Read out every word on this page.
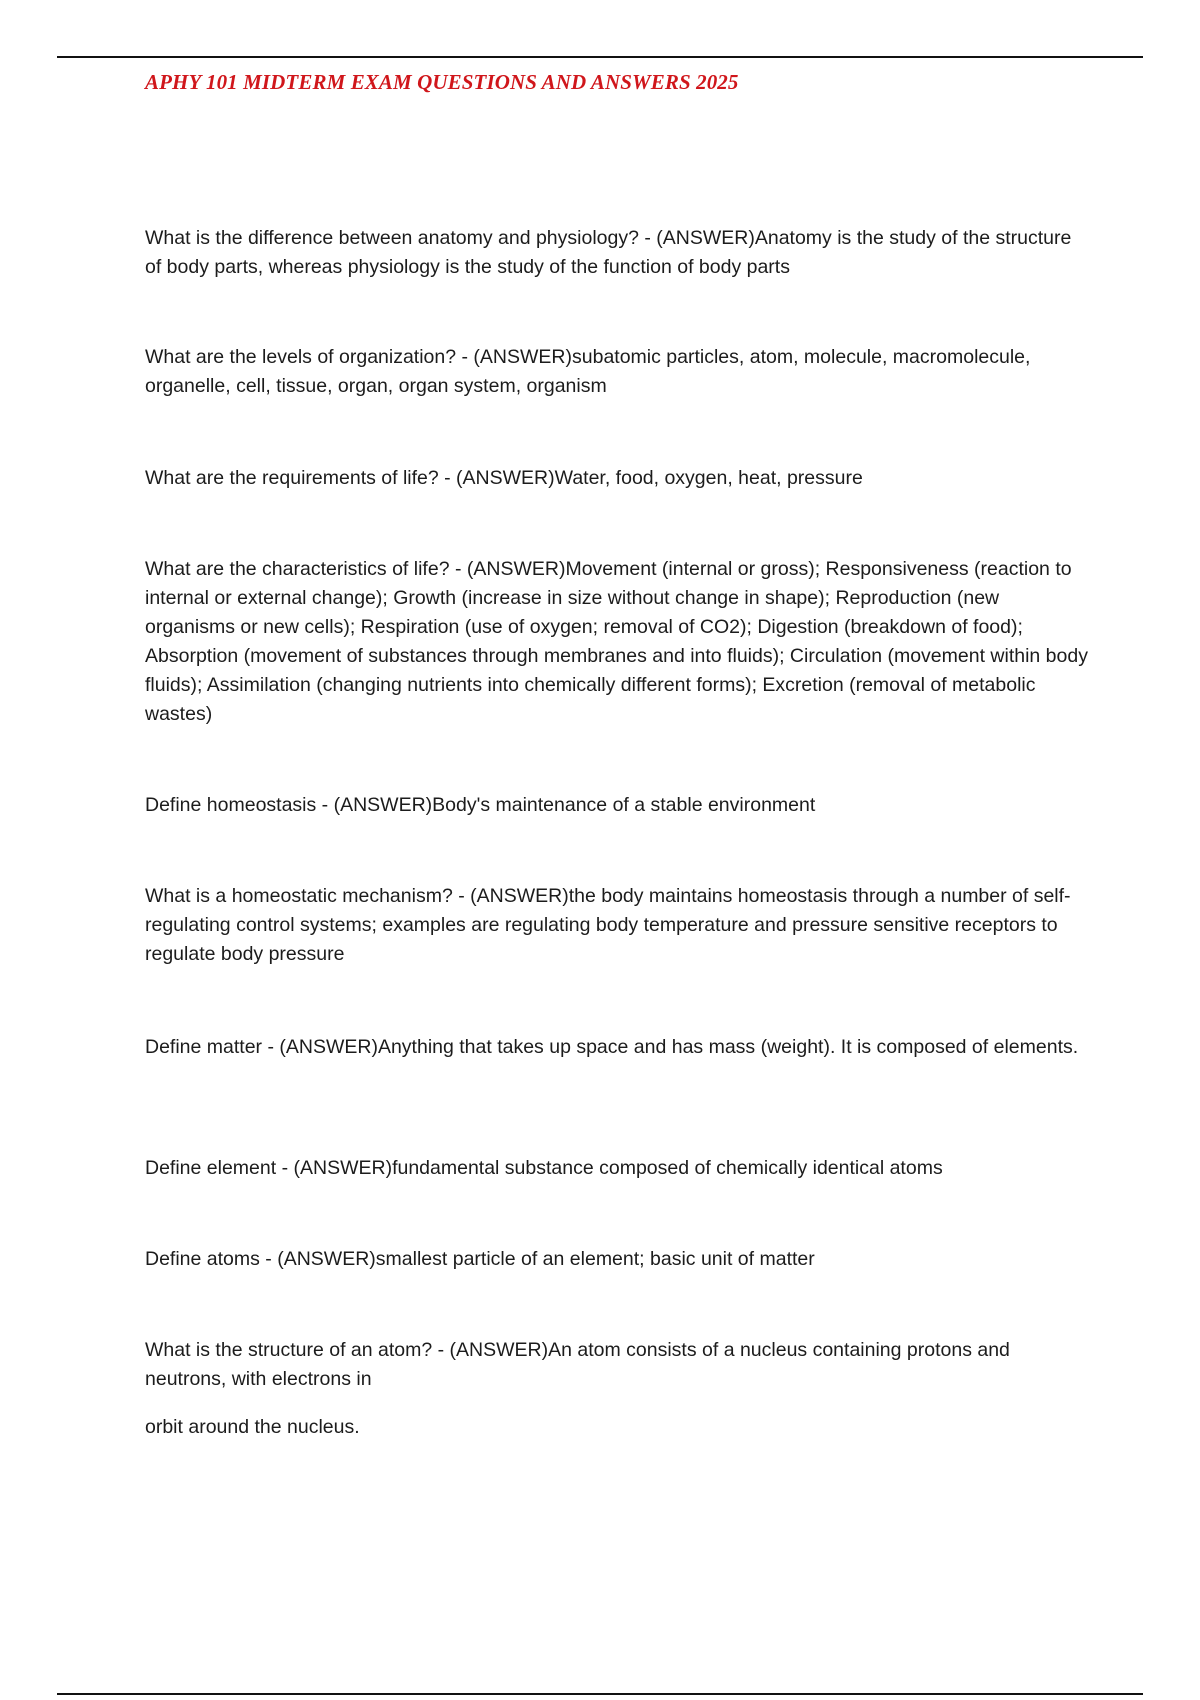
APHY 101 MIDTERM EXAM QUESTIONS AND ANSWERS 2025

What is the difference between anatomy and physiology? - (ANSWER)Anatomy is the study of the structure of body parts, whereas physiology is the study of the function of body parts

What are the levels of organization? - (ANSWER)subatomic particles, atom, molecule, macromolecule, organelle, cell, tissue, organ, organ system, organism

What are the requirements of life? - (ANSWER)Water, food, oxygen, heat, pressure

What are the characteristics of life? - (ANSWER)Movement (internal or gross); Responsiveness (reaction to internal or external change); Growth (increase in size without change in shape); Reproduction (new organisms or new cells); Respiration (use of oxygen; removal of CO2); Digestion (breakdown of food); Absorption (movement of substances through membranes and into fluids); Circulation (movement within body fluids); Assimilation (changing nutrients into chemically different forms); Excretion (removal of metabolic wastes)

Define homeostasis - (ANSWER)Body's maintenance of a stable environment

What is a homeostatic mechanism? - (ANSWER)the body maintains homeostasis through a number of self-regulating control systems; examples are regulating body temperature and pressure sensitive receptors to regulate body pressure

Define matter - (ANSWER)Anything that takes up space and has mass (weight). It is composed of elements.

Define element - (ANSWER)fundamental substance composed of chemically identical atoms

Define atoms - (ANSWER)smallest particle of an element; basic unit of matter

What is the structure of an atom? - (ANSWER)An atom consists of a nucleus containing protons and neutrons, with electrons in

orbit around the nucleus.
